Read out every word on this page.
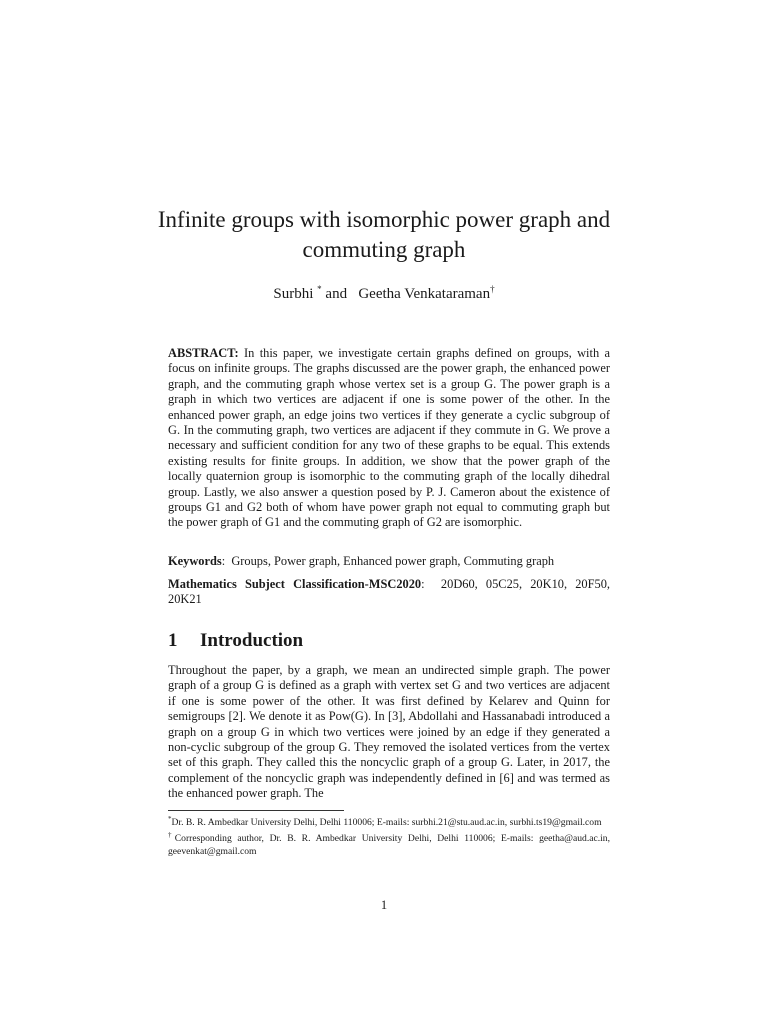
Infinite groups with isomorphic power graph and
commuting graph
Surbhi * and Geetha Venkataraman†
ABSTRACT: In this paper, we investigate certain graphs defined on groups, with a focus on infinite groups. The graphs discussed are the power graph, the enhanced power graph, and the commuting graph whose vertex set is a group G. The power graph is a graph in which two vertices are adjacent if one is some power of the other. In the enhanced power graph, an edge joins two vertices if they generate a cyclic subgroup of G. In the commuting graph, two vertices are adjacent if they commute in G. We prove a necessary and sufficient condition for any two of these graphs to be equal. This extends existing results for finite groups. In addition, we show that the power graph of the locally quaternion group is isomorphic to the commuting graph of the locally dihedral group. Lastly, we also answer a question posed by P. J. Cameron about the existence of groups G1 and G2 both of whom have power graph not equal to commuting graph but the power graph of G1 and the commuting graph of G2 are isomorphic.
Keywords:  Groups, Power graph, Enhanced power graph, Commuting graph
Mathematics Subject Classification-MSC2020:  20D60, 05C25, 20K10, 20F50, 20K21
1 Introduction

Throughout the paper, by a graph, we mean an undirected simple graph. The power graph of a group G is defined as a graph with vertex set G and two vertices are adjacent if one is some power of the other. It was first defined by Kelarev and Quinn for semigroups [2]. We denote it as Pow(G). In [3], Abdollahi and Hassanabadi introduced a graph on a group G in which two vertices were joined by an edge if they generated a non-cyclic subgroup of the group G. They removed the isolated vertices from the vertex set of this graph. They called this the noncyclic graph of a group G. Later, in 2017, the complement of the noncyclic graph was independently defined in [6] and was termed as the enhanced power graph. The

*Dr. B. R. Ambedkar University Delhi, Delhi 110006; E-mails: surbhi.21@stu.aud.ac.in, surbhi.ts19@gmail.com

†Corresponding author, Dr. B. R. Ambedkar University Delhi, Delhi 110006; E-mails: geetha@aud.ac.in, geevenkat@gmail.com

1
